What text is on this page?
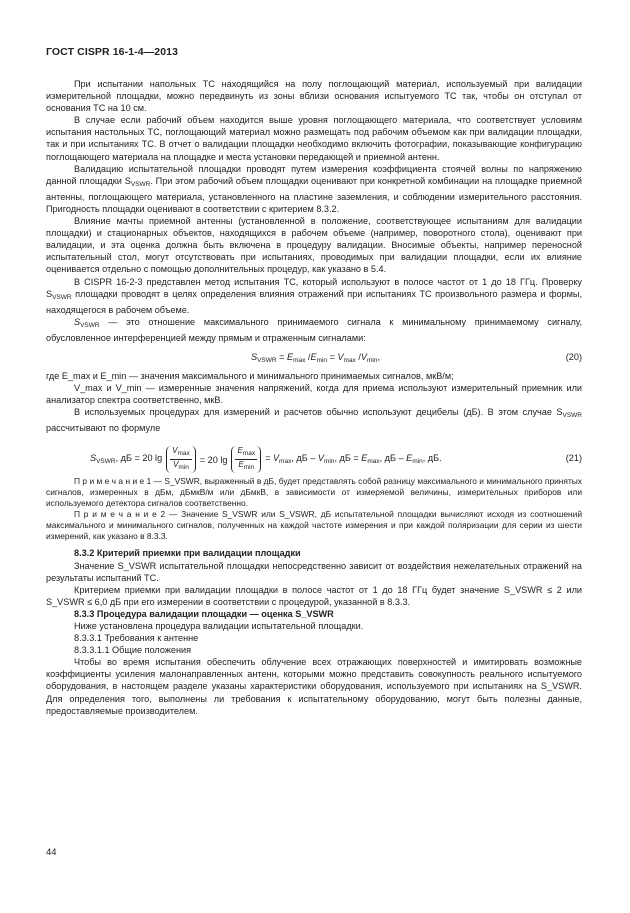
ГОСТ CISPR 16-1-4—2013

При испытании напольных ТС находящийся на полу поглощающий материал, используемый при валидации измерительной площадки, можно передвинуть из зоны вблизи основания испытуемого ТС так, чтобы он отступал от основания ТС на 10 см.

В случае если рабочий объем находится выше уровня поглощающего материала, что соответствует условиям испытания настольных ТС, поглощающий материал можно размещать под рабочим объемом как при валидации площадки, так и при испытаниях ТС. В отчет о валидации площадки необходимо включить фотографии, показывающие конфигурацию поглощающего материала на площадке и места установки передающей и приемной антенн.

Валидацию испытательной площадки проводят путем измерения коэффициента стоячей волны по напряжению данной площадки $S_{VSWR}$. При этом рабочий объем площадки оценивают при конкретной комбинации на площадке приемной антенны, поглощающего материала, установленного на пластине заземления, и соблюдении измерительного расстояния. Пригодность площадки оценивают в соответствии с критерием 8.3.2.

Влияние мачты приемной антенны (установленной в положение, соответствующее испытаниям для валидации площадки) и стационарных объектов, находящихся в рабочем объеме (например, поворотного стола), оценивают при валидации, и эта оценка должна быть включена в процедуру валидации. Вносимые объекты, например переносной испытательный стол, могут отсутствовать при испытаниях, проводимых при валидации площадки, если их влияние оценивается отдельно с помощью дополнительных процедур, как указано в 5.4.

В CISPR 16-2-3 представлен метод испытания ТС, который используют в полосе частот от 1 до 18 ГГц. Проверку $S_{VSWR}$ площадки проводят в целях определения влияния отражений при испытаниях ТС произвольного размера и формы, находящегося в рабочем объеме.

$S_{VSWR}$ — это отношение максимального принимаемого сигнала к минимальному принимаемому сигналу, обусловленное интерференцией между прямым и отраженным сигналами:

$S_{VSWR} = E_{max}$ $/E_{min} = V_{max}$ $/V_{min}$,	(20)

где E_max и E_min — значения максимального и минимального принимаемых сигналов, мкВ/м;

V_max и V_min — измеренные значения напряжений, когда для приема используют измерительный приемник или анализатор спектра соответственно, мкВ.

В используемых процедурах для измерений и расчетов обычно используют децибелы (дБ). В этом случае $S_{VSWR}$ рассчитывают по формуле

$S_{VSWR}$, дБ = 20 $\lg \frac{V_{max}}{V_{min}} = 20$ $\lg \frac{E_{max}}{E_{min}} = V_{max}$, дБ – $V_{min}$, дБ = $E_{max}$, дБ – $E_{min}$, дБ.	(21)

П р и м е ч а н и е 1 — S_VSWR, выраженный в дБ, будет представлять собой разницу максимального и минимального принятых сигналов, измеренных в дБм, дБмкВ/м или дБмкВ, в зависимости от измеряемой величины, измерительных приборов или используемого детектора сигналов соответственно.

П р и м е ч а н и е 2 — Значение S_VSWR или S_VSWR, дБ испытательной площадки вычисляют исходя из соотношений максимального и минимального сигналов, полученных на каждой частоте измерения и при каждой поляризации для серии из шести измерений, как указано в 8.3.3.

8.3.2 Критерий приемки при валидации площадки

Значение S_VSWR испытательной площадки непосредственно зависит от воздействия нежелательных отражений на результаты испытаний ТС.

Критерием приемки при валидации площадки в полосе частот от 1 до 18 ГГц будет значение S_VSWR ≤ 2 или S_VSWR ≤ 6,0 дБ при его измерении в соответствии с процедурой, указанной в 8.3.3.

8.3.3 Процедура валидации площадки — оценка S_VSWR

Ниже установлена процедура валидации испытательной площадки.

8.3.3.1 Требования к антенне

8.3.3.1.1 Общие положения

Чтобы во время испытания обеспечить облучение всех отражающих поверхностей и имитировать возможные коэффициенты усиления малонаправленных антенн, которыми можно представить совокупность реального испытуемого оборудования, в настоящем разделе указаны характеристики оборудования, используемого при испытаниях на S_VSWR. Для определения того, выполнены ли требования к испытательному оборудованию, могут быть полезны данные, предоставляемые производителем.

44
